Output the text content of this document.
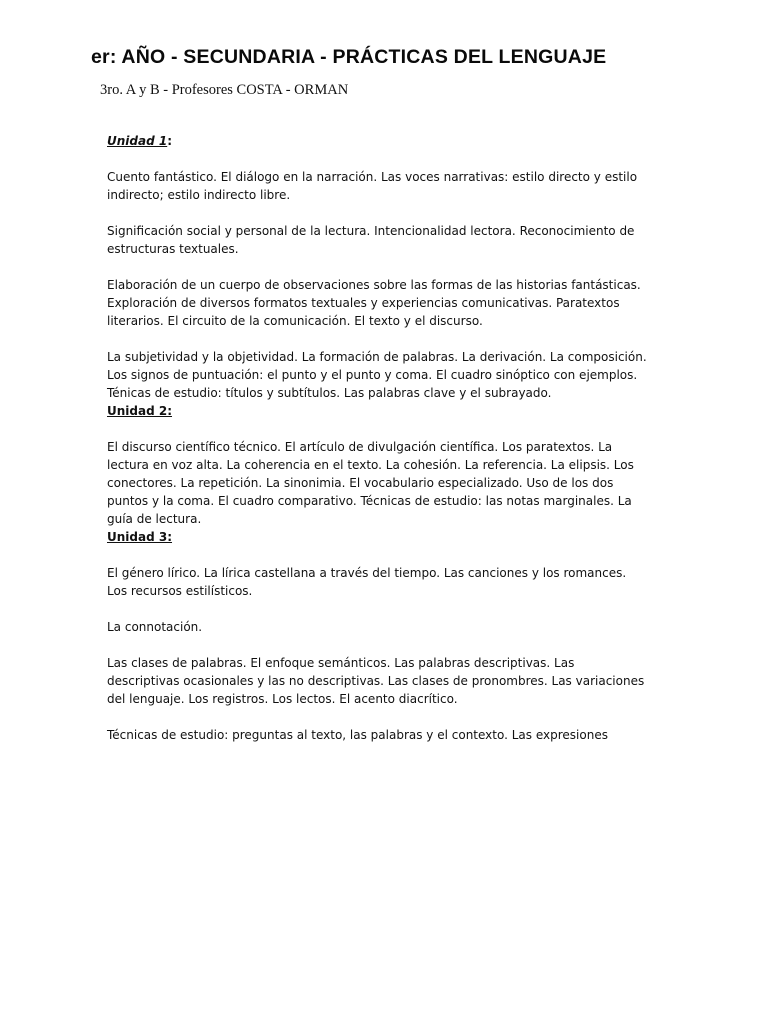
er: AÑO - SECUNDARIA - PRÁCTICAS DEL LENGUAJE

3ro. A y B - Profesores COSTA - ORMAN

Unidad 1:

Cuento fantástico. El diálogo en la narración. Las voces narrativas: estilo directo y estilo indirecto; estilo indirecto libre.

Significación social y personal de la lectura. Intencionalidad lectora. Reconocimiento de estructuras textuales.

Elaboración de un cuerpo de observaciones sobre las formas de las historias fantásticas. Exploración de diversos formatos textuales y experiencias comunicativas. Paratextos literarios. El circuito de la comunicación. El texto y el discurso.

La subjetividad y la objetividad. La formación de palabras. La derivación. La composición. Los signos de puntuación: el punto y el punto y coma. El cuadro sinóptico con ejemplos. Ténicas de estudio: títulos y subtítulos. Las palabras clave y el subrayado.

Unidad 2:

El discurso científico técnico. El artículo de divulgación científica. Los paratextos. La lectura en voz alta. La coherencia en el texto. La cohesión. La referencia. La elipsis. Los conectores. La repetición. La sinonimia. El vocabulario especializado. Uso de los dos puntos y la coma. El cuadro comparativo. Técnicas de estudio: las notas marginales. La guía de lectura.

Unidad 3:

El género lírico. La lírica castellana a través del tiempo. Las canciones y los romances. Los recursos estilísticos.

La connotación.

Las clases de palabras. El enfoque semánticos. Las palabras descriptivas. Las descriptivas ocasionales y las no descriptivas. Las clases de pronombres. Las variaciones del lenguaje. Los registros. Los lectos. El acento diacrítico.

Técnicas de estudio: preguntas al texto, las palabras y el contexto. Las expresiones
